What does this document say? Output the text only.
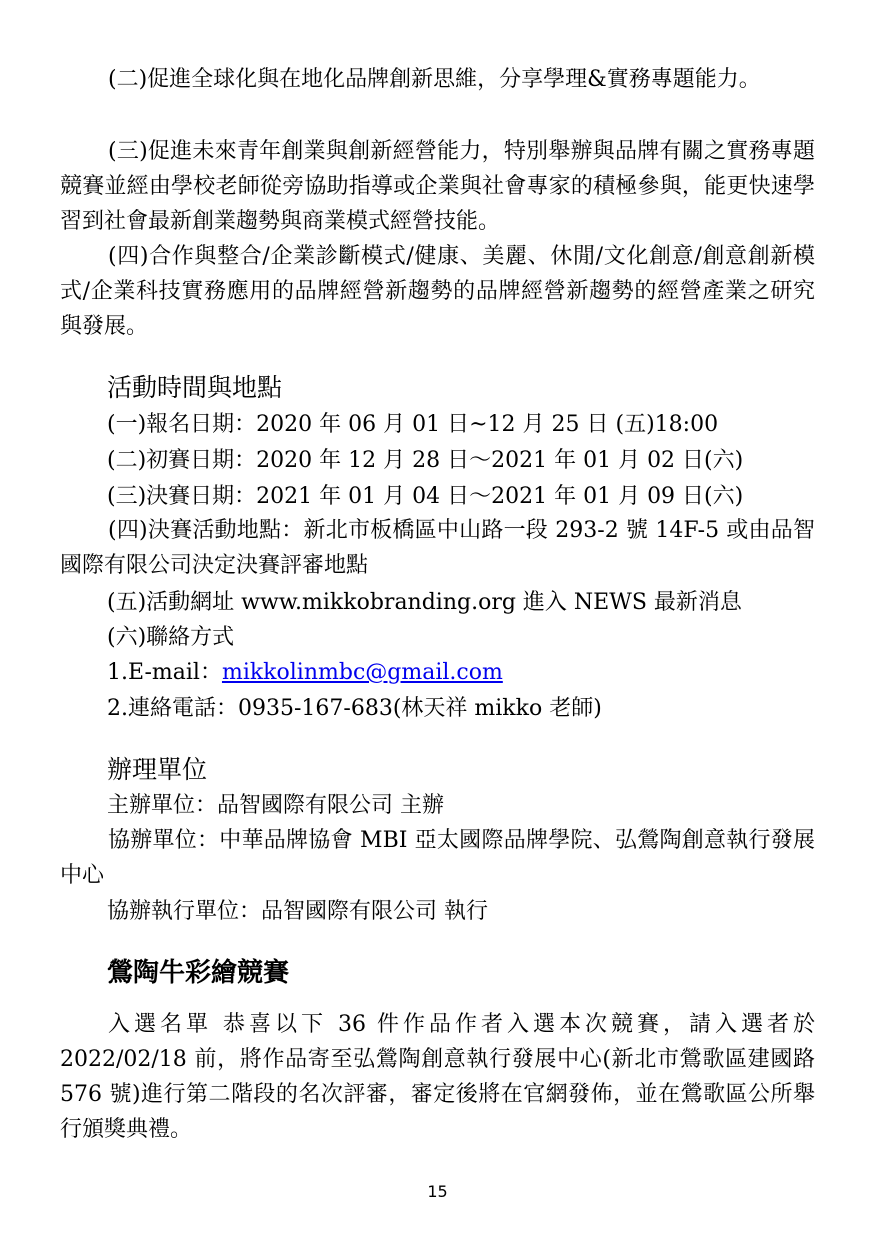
(二)促進全球化與在地化品牌創新思維，分享學理&實務專題能力。

(三)促進未來青年創業與創新經營能力，特別舉辦與品牌有關之實務專題競賽並經由學校老師從旁協助指導或企業與社會專家的積極參與，能更快速學習到社會最新創業趨勢與商業模式經營技能。

(四)合作與整合/企業診斷模式/健康、美麗、休閒/文化創意/創意創新模式/企業科技實務應用的品牌經營新趨勢的品牌經營新趨勢的經營產業之研究與發展。

活動時間與地點

(一)報名日期：2020 年 06 月 01 日~12 月 25 日 (五)18:00

(二)初賽日期：2020 年 12 月 28 日～2021 年 01 月 02 日(六)

(三)決賽日期：2021 年 01 月 04 日～2021 年 01 月 09 日(六)

(四)決賽活動地點：新北市板橋區中山路一段 293-2 號 14F-5 或由品智國際有限公司決定決賽評審地點

(五)活動網址 www.mikkobranding.org 進入 NEWS 最新消息

(六)聯絡方式

1.E-mail：mikkolinmbc@gmail.com

2.連絡電話：0935-167-683(林天祥 mikko 老師)

辦理單位

主辦單位：品智國際有限公司 主辦

協辦單位：中華品牌協會 MBI 亞太國際品牌學院、弘鶯陶創意執行發展中心

協辦執行單位：品智國際有限公司 執行

鶯陶牛彩繪競賽

入選名單 恭喜以下 36 件作品作者入選本次競賽，請入選者於 2022/02/18 前，將作品寄至弘鶯陶創意執行發展中心(新北市鶯歌區建國路 576 號)進行第二階段的名次評審，審定後將在官網發佈，並在鶯歌區公所舉行頒獎典禮。

15
